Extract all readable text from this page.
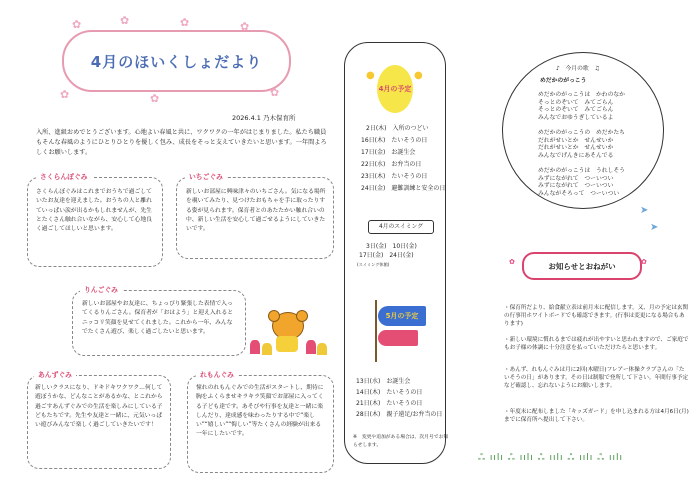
4月のほいくしょだより
✿	✿	✿	✿
✿	✿	✿
2026.4.1 乃木保育所
入所、進級おめでとうございます。心地よい春風と共に、ワクワクの一年がはじまりました。私たち職員もそんな春風のようにひとりひとりを優しく包み、成長をそっと支えていきたいと思います。一年間よろしくお願いします。
さくらんぼぐみ
さくらんぼぐみはこれまでおうちで過ごしていたお友達を迎えました。おうちの人と離れていっぱい涙が出るかもしれませんが、先生とたくさん触れ合いながら、安心して心地良く過ごしてほしいと思います。
いちごぐみ
新しいお部屋に興味津々のいちごさん。気になる場所を覗いてみたり、見つけたおもちゃを手に取ったりする姿が見られます。保育者とのあたたかい触れ合いの中、新しい生活を安心して過ごせるようにしていきたいです。
りんごぐみ
新しいお部屋やお友達に、ちょっぴり緊張した表情で入ってくるりんごさん。保育者が「おはよう」と迎え入れるとニッコリ笑顔を見せてくれました。これから一年、みんなでたくさん遊び、楽しく過ごしたいと思います。
あんずぐみ
新しいクラスになり、ドキドキワクワク…何して遊ぼうかな、どんなことがあるかな、とこれから過ごすあんずぐみでの生活を楽しみにしている子どもたちです。先生や友達と一緒に、元気いっぱい遊びみんなで楽しく過ごしていきたいです！
れもんぐみ
憧れのれもんぐみでの生活がスタートし、期待に胸をふくらませキラキラ笑顔でお部屋に入ってくる子ども達です。あそびや行事を友達と一緒に楽しんだり、達成感を味わったりする中で“楽しい”“嬉しい”“悔しい”等たくさんの経験が出来る一年にしたいです。
4月の予定
●	●
2日(木)　 入所のつどい
16日(木)　 たいそうの日
17日(金)　 お誕生会
22日(水)　 お弁当の日
23日(木)　 たいそうの日
24日(金)　 避難訓練と安全の日
4月のスイミング
3日(金)　10日(金)
17日(金)　24日(金)
(スイミング休館)
5月の予定
13日(水)　 お誕生会
14日(木)　 たいそうの日
21日(木)　 たいそうの日
28日(木)　 親子遠足/お弁当の日
※　変更や追加がある場合は、次月号でお知らせします。
♪　今月の歌　♫
めだかのがっこう
めだかのがっこうは　かわのなか
そっとのぞいて　みてごらん
そっとのぞいて　みてごらん
みんなでおゆうぎしているよ
めだかのがっこうの　めだかたち
だれがせいとか　せんせいか
だれがせいとか　せんせいか
みんなでげんきにあそんでる
めだかのがっこうは　うれしそう
みずにながれて　つーいつい
みずにながれて　つーいつい
みんながそろって　つーいつい
➤
➤
お知らせとおねがい
✿	✿
・保育所だより、給食献立表は前月末に配信します。又、月の予定は玄関の行事用ホワイトボードでも確認できます。(行事は変更になる場合もあります)
・新しい環境に慣れるまでは疲れが出やすいと思われますので、ご家庭でもお子様の体調に十分注意を払っていただけたらと思います。
・あんず、れもんぐみは月に2回(木曜日)フレアー体操クラブさんの「たいそうの日」があります。その日は制服で登所して下さい。年間行事予定など確認し、忘れないようにお願いします。
・年度末に配布しました「キッズガード」を申し込まれる方は4月6日(月)までに保育所へ提出して下さい。
ஃ ıılı ஃ ıılı ஃ ıılı ஃ ıılı ஃ ıılı
